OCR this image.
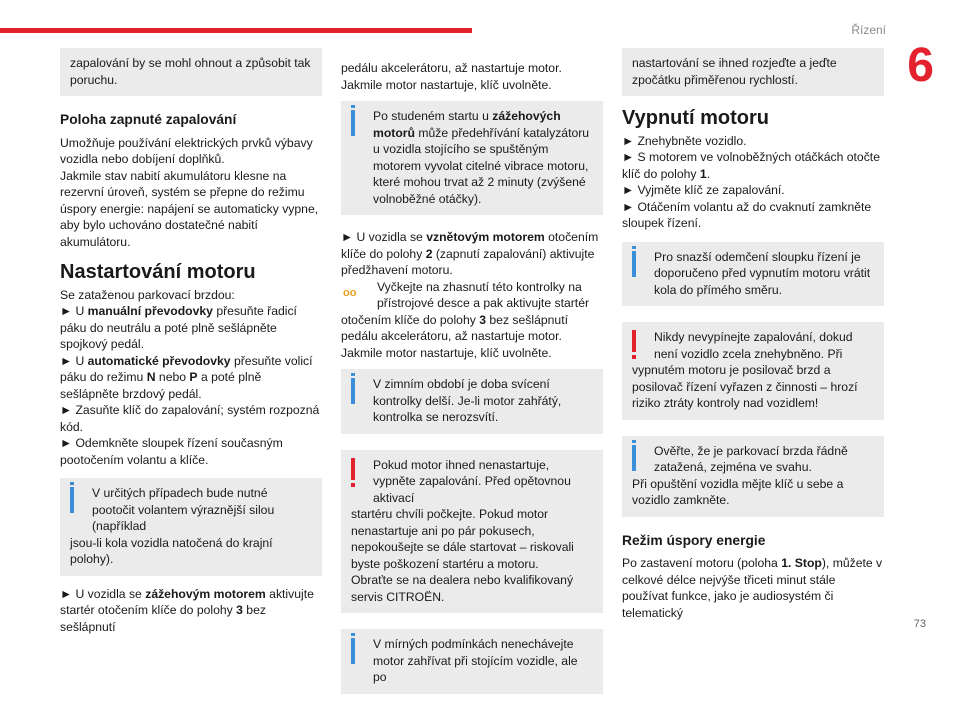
Řízení
6
73

zapalování by se mohl ohnout a způsobit tak poruchu.

Poloha zapnuté zapalování

Umožňuje používání elektrických prvků výbavy vozidla nebo dobíjení doplňků.

Jakmile stav nabití akumulátoru klesne na rezervní úroveň, systém se přepne do režimu úspory energie: napájení se automaticky vypne, aby bylo uchováno dostatečné nabití akumulátoru.

Nastartování motoru

Se zataženou parkovací brzdou:

► U manuální převodovky přesuňte řadicí páku do neutrálu a poté plně sešlápněte spojkový pedál.

► U automatické převodovky přesuňte volicí páku do režimu N nebo P a poté plně sešlápněte brzdový pedál.

► Zasuňte klíč do zapalování; systém rozpozná kód.

► Odemkněte sloupek řízení současným pootočením volantu a klíče.

V určitých případech bude nutné pootočit volantem výraznější silou (například

jsou-li kola vozidla natočená do krajní polohy).

► U vozidla se zážehovým motorem aktivujte startér otočením klíče do polohy 3 bez sešlápnutí

pedálu akcelerátoru, až nastartuje motor. Jakmile motor nastartuje, klíč uvolněte.

Po studeném startu u zážehových motorů může předehřívání katalyzátoru u vozidla stojícího se spuštěným motorem vyvolat citelné vibrace motoru, které mohou trvat až 2 minuty (zvýšené volnoběžné otáčky).

► U vozidla se vznětovým motorem otočením klíče do polohy 2 (zapnutí zapalování) aktivujte předžhavení motoru.

oo	Vyčkejte na zhasnutí této kontrolky na přístrojové desce a pak aktivujte startér

otočením klíče do polohy 3 bez sešlápnutí pedálu akcelerátoru, až nastartuje motor. Jakmile motor nastartuje, klíč uvolněte.

V zimním období je doba svícení kontrolky delší. Je-li motor zahřátý, kontrolka se nerozsvítí.

Pokud motor ihned nenastartuje, vypněte zapalování. Před opětovnou aktivací

startéru chvíli počkejte. Pokud motor nenastartuje ani po pár pokusech, nepokoušejte se dále startovat – riskovali byste poškození startéru a motoru.

Obraťte se na dealera nebo kvalifikovaný servis CITROËN.

V mírných podmínkách nenechávejte motor zahřívat při stojícím vozidle, ale po

nastartování se ihned rozjeďte a jeďte zpočátku přiměřenou rychlostí.

Vypnutí motoru

► Znehybněte vozidlo.

► S motorem ve volnoběžných otáčkách otočte klíč do polohy 1.

► Vyjměte klíč ze zapalování.

► Otáčením volantu až do cvaknutí zamkněte sloupek řízení.

Pro snazší odemčení sloupku řízení je doporučeno před vypnutím motoru vrátit kola do přímého směru.

Nikdy nevypínejte zapalování, dokud není vozidlo zcela znehybněno. Při

vypnutém motoru je posilovač brzd a posilovač řízení vyřazen z činnosti – hrozí riziko ztráty kontroly nad vozidlem!

Ověřte, že je parkovací brzda řádně zatažená, zejména ve svahu.

Při opuštění vozidla mějte klíč u sebe a vozidlo zamkněte.

Režim úspory energie

Po zastavení motoru (poloha 1. Stop), můžete v celkové délce nejvýše třiceti minut stále používat funkce, jako je audiosystém či telematický
